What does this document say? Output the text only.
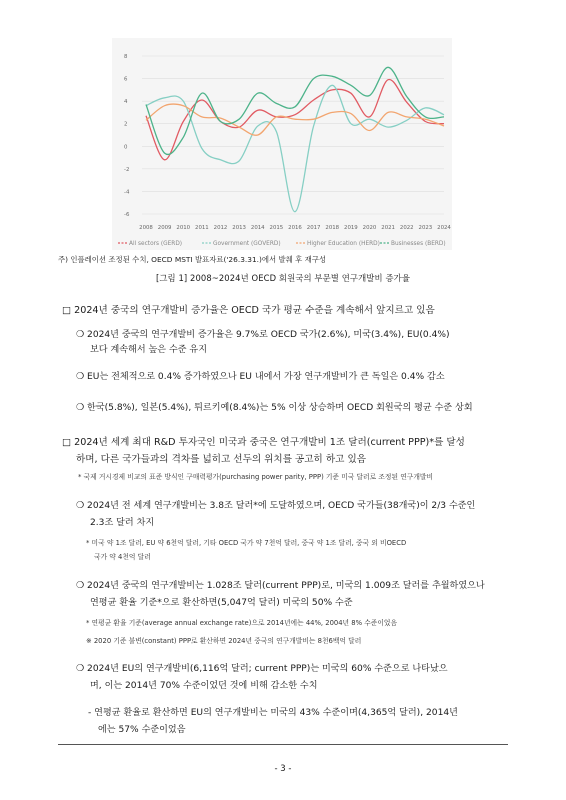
8
6
4
2
0
-2
-4
-6
2008 2009 2010 2011 2012 2013 2014 2015 2016 2017 2018 2019 2020 2021 2022 2023 2024
All sectors (GERD)	Government (GOVERD)	Higher Education (HERD) Businesses (BERD)
주) 인플레이션 조정된 수치, OECD MSTI 발표자료('26.3.31.)에서 발췌 후 재구성
[그림 1] 2008~2024년 OECD 회원국의 부문별 연구개발비 증가율
□ 2024년 중국의 연구개발비 증가율은 OECD 국가 평균 수준을 계속해서 앞지르고 있음
❍ 2024년 중국의 연구개발비 증가율은 9.7%로 OECD 국가(2.6%), 미국(3.4%), EU(0.4%)
보다 계속해서 높은 수준 유지
❍ EU는 전체적으로 0.4% 증가하였으나 EU 내에서 가장 연구개발비가 큰 독일은 0.4% 감소
❍ 한국(5.8%), 일본(5.4%), 튀르키예(8.4%)는 5% 이상 상승하며 OECD 회원국의 평균 수준 상회
□ 2024년 세계 최대 R&D 투자국인 미국과 중국은 연구개발비 1조 달러(current PPP)*를 달성
하며, 다른 국가들과의 격차를 넓히고 선두의 위치를 공고히 하고 있음
* 국제 거시경제 비교의 표준 방식인 구매력평가(purchasing power parity, PPP) 기준 미국 달러로 조정된 연구개발비
❍ 2024년 전 세계 연구개발비는 3.8조 달러*에 도달하였으며, OECD 국가들(38개국)이 2/3 수준인
2.3조 달러 차지
* 미국 약 1조 달러, EU 약 6천억 달러, 기타 OECD 국가 약 7천억 달러, 중국 약 1조 달러, 중국 외 비OECD
국가 약 4천억 달러
❍ 2024년 중국의 연구개발비는 1.028조 달러(current PPP)로, 미국의 1.009조 달러를 추월하였으나
연평균 환율 기준*으로 환산하면(5,047억 달러) 미국의 50% 수준
* 연평균 환율 기준(average annual exchange rate)으로 2014년에는 44%, 2004년 8% 수준이었음
※ 2020 기준 불변(constant) PPP로 환산하면 2024년 중국의 연구개발비는 8천6백억 달러
❍ 2024년 EU의 연구개발비(6,116억 달러; current PPP)는 미국의 60% 수준으로 나타났으
며, 이는 2014년 70% 수준이었던 것에 비해 감소한 수치
- 연평균 환율로 환산하면 EU의 연구개발비는 미국의 43% 수준이며(4,365억 달러), 2014년
에는 57% 수준이었음
- 3 -
